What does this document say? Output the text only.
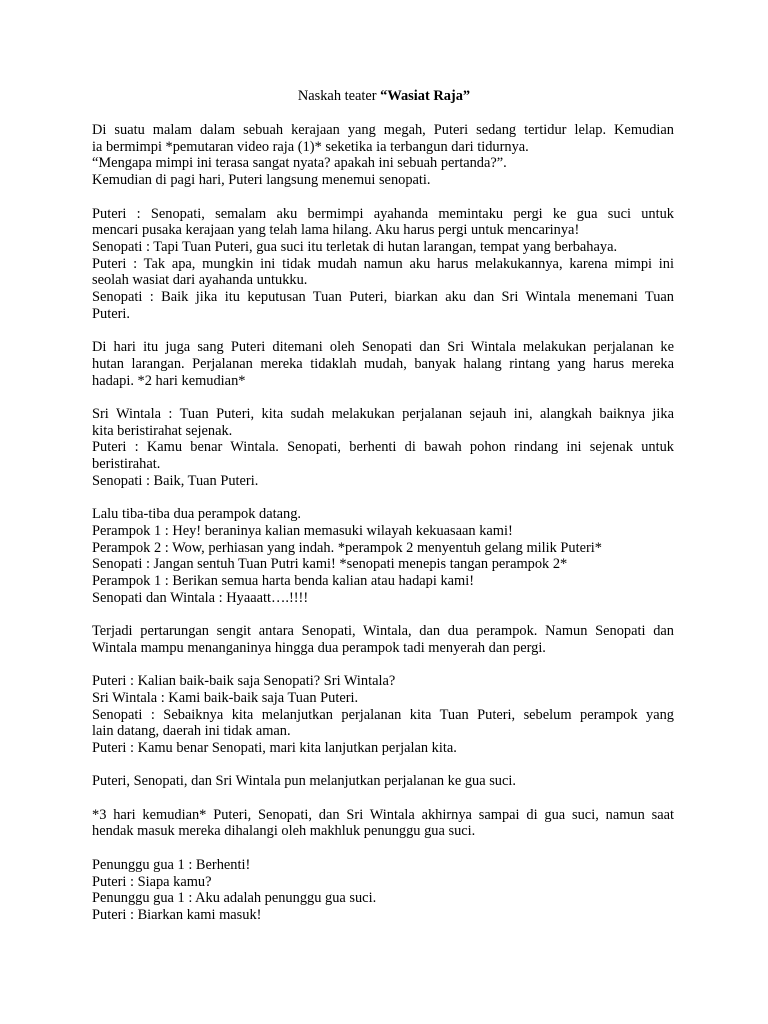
Naskah teater “Wasiat Raja”
Di suatu malam dalam sebuah kerajaan yang megah, Puteri sedang tertidur lelap. Kemudian
ia bermimpi *pemutaran video raja (1)* seketika ia terbangun dari tidurnya.
“Mengapa mimpi ini terasa sangat nyata? apakah ini sebuah pertanda?”.
Kemudian di pagi hari, Puteri langsung menemui senopati.
Puteri : Senopati, semalam aku bermimpi ayahanda memintaku pergi ke gua suci untuk
mencari pusaka kerajaan yang telah lama hilang. Aku harus pergi untuk mencarinya!
Senopati : Tapi Tuan Puteri, gua suci itu terletak di hutan larangan, tempat yang berbahaya.
Puteri : Tak apa, mungkin ini tidak mudah namun aku harus melakukannya, karena mimpi ini
seolah wasiat dari ayahanda untukku.
Senopati : Baik jika itu keputusan Tuan Puteri, biarkan aku dan Sri Wintala menemani Tuan
Puteri.
Di hari itu juga sang Puteri ditemani oleh Senopati dan Sri Wintala melakukan perjalanan ke
hutan larangan. Perjalanan mereka tidaklah mudah, banyak halang rintang yang harus mereka
hadapi. *2 hari kemudian*
Sri Wintala : Tuan Puteri, kita sudah melakukan perjalanan sejauh ini, alangkah baiknya jika
kita beristirahat sejenak.
Puteri : Kamu benar Wintala. Senopati, berhenti di bawah pohon rindang ini sejenak untuk
beristirahat.
Senopati : Baik, Tuan Puteri.
Lalu tiba-tiba dua perampok datang.
Perampok 1 : Hey! beraninya kalian memasuki wilayah kekuasaan kami!
Perampok 2 : Wow, perhiasan yang indah. *perampok 2 menyentuh gelang milik Puteri*
Senopati : Jangan sentuh Tuan Putri kami! *senopati menepis tangan perampok 2*
Perampok 1 : Berikan semua harta benda kalian atau hadapi kami!
Senopati dan Wintala : Hyaaatt….!!!!
Terjadi pertarungan sengit antara Senopati, Wintala, dan dua perampok. Namun Senopati dan
Wintala mampu menanganinya hingga dua perampok tadi menyerah dan pergi.
Puteri : Kalian baik-baik saja Senopati? Sri Wintala?
Sri Wintala : Kami baik-baik saja Tuan Puteri.
Senopati : Sebaiknya kita melanjutkan perjalanan kita Tuan Puteri, sebelum perampok yang
lain datang, daerah ini tidak aman.
Puteri : Kamu benar Senopati, mari kita lanjutkan perjalan kita.
Puteri, Senopati, dan Sri Wintala pun melanjutkan perjalanan ke gua suci.
*3 hari kemudian* Puteri, Senopati, dan Sri Wintala akhirnya sampai di gua suci, namun saat
hendak masuk mereka dihalangi oleh makhluk penunggu gua suci.
Penunggu gua 1 : Berhenti!
Puteri : Siapa kamu?
Penunggu gua 1 : Aku adalah penunggu gua suci.
Puteri : Biarkan kami masuk!
